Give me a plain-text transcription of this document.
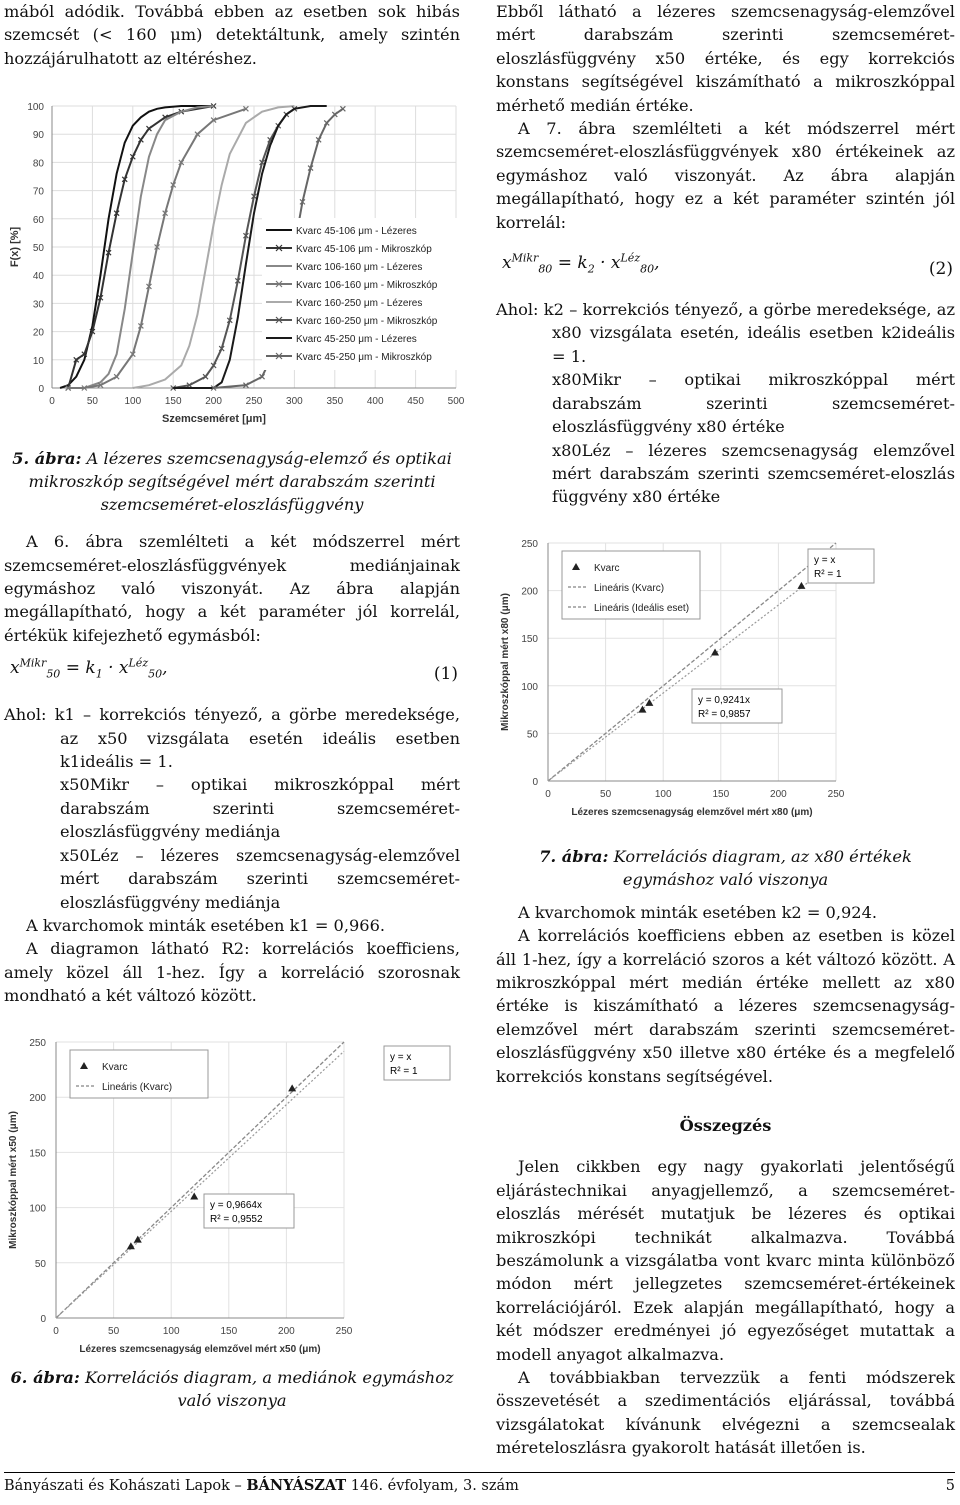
mából adódik. Továbbá ebben az esetben sok hibás szemcsét (< 160 μm) detektáltunk, amely szintén hozzájárulhatott az eltéréshez.

0
10
20
30
40
50
60
70
80
90
100
0	50	100 150 200 250 300 350 400 450 500
Szemcseméret [μm]
F(x) [%]	Kvarc 45-106 μm - Lézeres
Kvarc 45-106 μm - Mikroszkóp
Kvarc 106-160 μm - Lézeres
Kvarc 106-160 μm - Mikroszkóp
Kvarc 160-250 μm - Lézeres
Kvarc 160-250 μm - Mikroszkóp
Kvarc 45-250 μm - Lézeres
Kvarc 45-250 μm - Mikroszkóp

5. ábra: A lézeres szemcsenagyság-elemző és optikai mikroszkóp segítségével mért darabszám szerinti szemcseméret-eloszlásfüggvény

A 6. ábra szemlélteti a két módszerrel mért szemcseméret-eloszlásfüggvények mediánjainak egymáshoz való viszonyát. Az ábra alapján megállapítható, hogy a két paraméter jól korrelál, értékük kifejezhető egymásból:

$x^{Mikr}_{50} = k_1 \cdot x^{Léz}_{50}$,	(1)

Ahol: k1 – korrekciós tényező, a görbe meredeksége, az x50 vizsgálata esetén ideális esetben k1ideális = 1.

x50Mikr – optikai mikroszkóppal mért darabszám szerinti szemcseméret-eloszlásfüggvény mediánja

x50Léz – lézeres szemcsenagyság-elemzővel mért darabszám szerinti szemcseméret-eloszlásfüggvény mediánja

A kvarchomok minták esetében k1 = 0,966.

A diagramon látható R2: korrelációs koefficiens, amely közel áll 1-hez. Így a korreláció szorosnak mondható a két változó között.

0
50
100
150
200
250
0	50	100	150	200	250
Lézeres szemcsenagyság elemzővel mért x50 (μm)
Mikroszkóppal mért x50 (μm)
Kvarc
Lineáris (Kvarc)
y = x
R² = 1
y = 0,9664x
R² = 0,9552

6. ábra: Korrelációs diagram, a mediánok egymáshoz való viszonya

Ebből látható a lézeres szemcsenagyság-elemzővel mért darabszám szerinti szemcseméret-eloszlásfüggvény x50 értéke, és egy korrekciós konstans segítségével kiszámítható a mikroszkóppal mérhető medián értéke.

A 7. ábra szemlélteti a két módszerrel mért szemcseméret-eloszlásfüggvények x80 értékeinek az egymáshoz való viszonyát. Az ábra alapján megállapítható, hogy ez a két paraméter szintén jól korrelál:

$x^{Mikr}_{80} = k_2 \cdot x^{Léz}_{80}$,	(2)

Ahol: k2 – korrekciós tényező, a görbe meredeksége, az x80 vizsgálata esetén, ideális esetben k2ideális = 1.

x80Mikr – optikai mikroszkóppal mért darabszám szerinti szemcseméret-eloszlásfüggvény x80 értéke

x80Léz – lézeres szemcsenagyság elemzővel mért darabszám szerinti szemcseméret-eloszlás függvény x80 értéke

0
50
100
150
200
250
0	50	100	150	200	250
Lézeres szemcsenagyság elemzővel mért x80 (μm)
Mikroszkóppal mért x80 (μm)
Kvarc
Lineáris (Kvarc)
Lineáris (Ideális eset)
y = x
R² = 1
y = 0,9241x
R² = 0,9857

7. ábra: Korrelációs diagram, az x80 értékek egymáshoz való viszonya

A kvarchomok minták esetében k2 = 0,924.

A korrelációs koefficiens ebben az esetben is közel áll 1-hez, így a korreláció szoros a két változó között. A mikroszkóppal mért medián értéke mellett az x80 értéke is kiszámítható a lézeres szemcsenagyság-elemzővel mért darabszám szerinti szemcseméret-eloszlásfüggvény x50 illetve x80 értéke és a megfelelő korrekciós konstans segítségével.

Összegzés

Jelen cikkben egy nagy gyakorlati jelentőségű eljárástechnikai anyagjellemző, a szemcseméret-eloszlás mérését mutatjuk be lézeres és optikai mikroszkópi technikát alkalmazva. Továbbá beszámolunk a vizsgálatba vont kvarc minta különböző módon mért jellegzetes szemcseméret-értékeinek korrelációjáról. Ezek alapján megállapítható, hogy a két módszer eredményei jó egyezőséget mutattak a modell anyagot alkalmazva.

A továbbiakban tervezzük a fenti módszerek összevetését a szedimentációs eljárással, továbbá vizsgálatokat kívánunk elvégezni a szemcsealak méreteloszlásra gyakorolt hatását illetően is.

Bányászati és Kohászati Lapok – BÁNYÁSZAT 146. évfolyam, 3. szám	5
